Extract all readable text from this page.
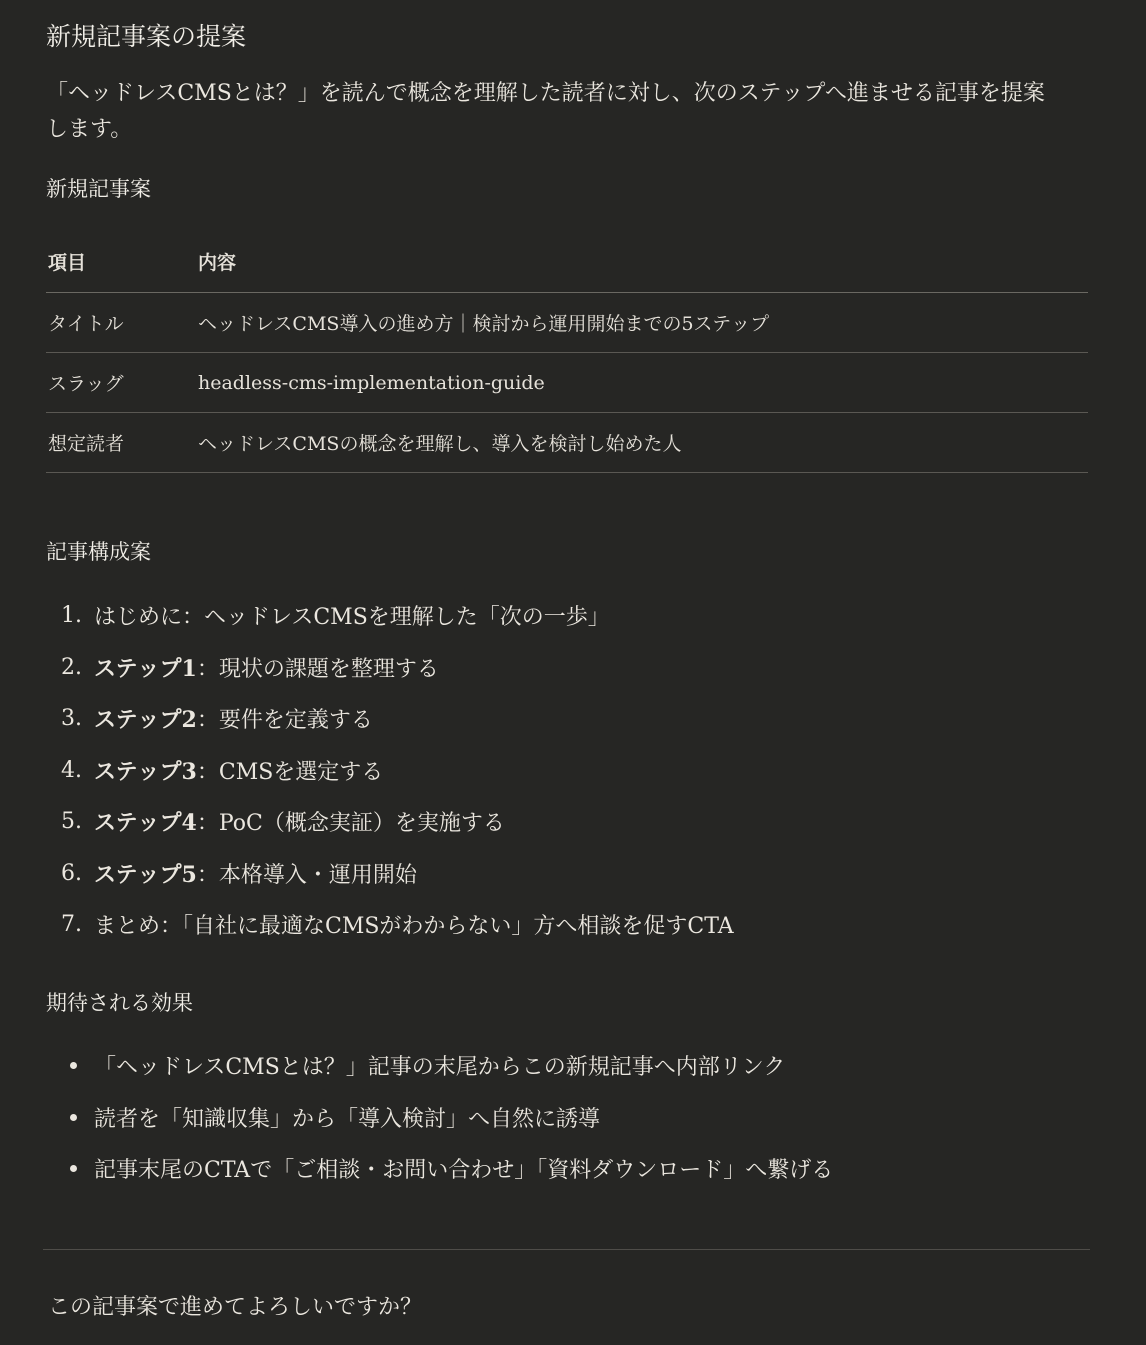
新規記事案の提案

「ヘッドレスCMSとは？」を読んで概念を理解した読者に対し、次のステップへ進ませる記事を提案します。

新規記事案
項目	内容
タイトル	ヘッドレスCMS導入の進め方｜検討から運用開始までの5ステップ
スラッグ	headless-cms-implementation-guide
想定読者	ヘッドレスCMSの概念を理解し、導入を検討し始めた人
記事構成案
1. はじめに：ヘッドレスCMSを理解した「次の一歩」
2. ステップ1 ：現状の課題を整理する
3. ステップ2 ：要件を定義する
4. ステップ3 ：CMSを選定する
5. ステップ4 ：PoC（概念実証）を実施する
6. ステップ5 ：本格導入・運用開始
7. まとめ：「自社に最適なCMSがわからない」方へ相談を促すCTA
期待される効果
「ヘッドレスCMSとは？」記事の末尾からこの新規記事へ内部リンク
読者を「知識収集」から「導入検討」へ自然に誘導
記事末尾のCTAで「ご相談・お問い合わせ」「資料ダウンロード」へ繋げる

この記事案で進めてよろしいですか？
